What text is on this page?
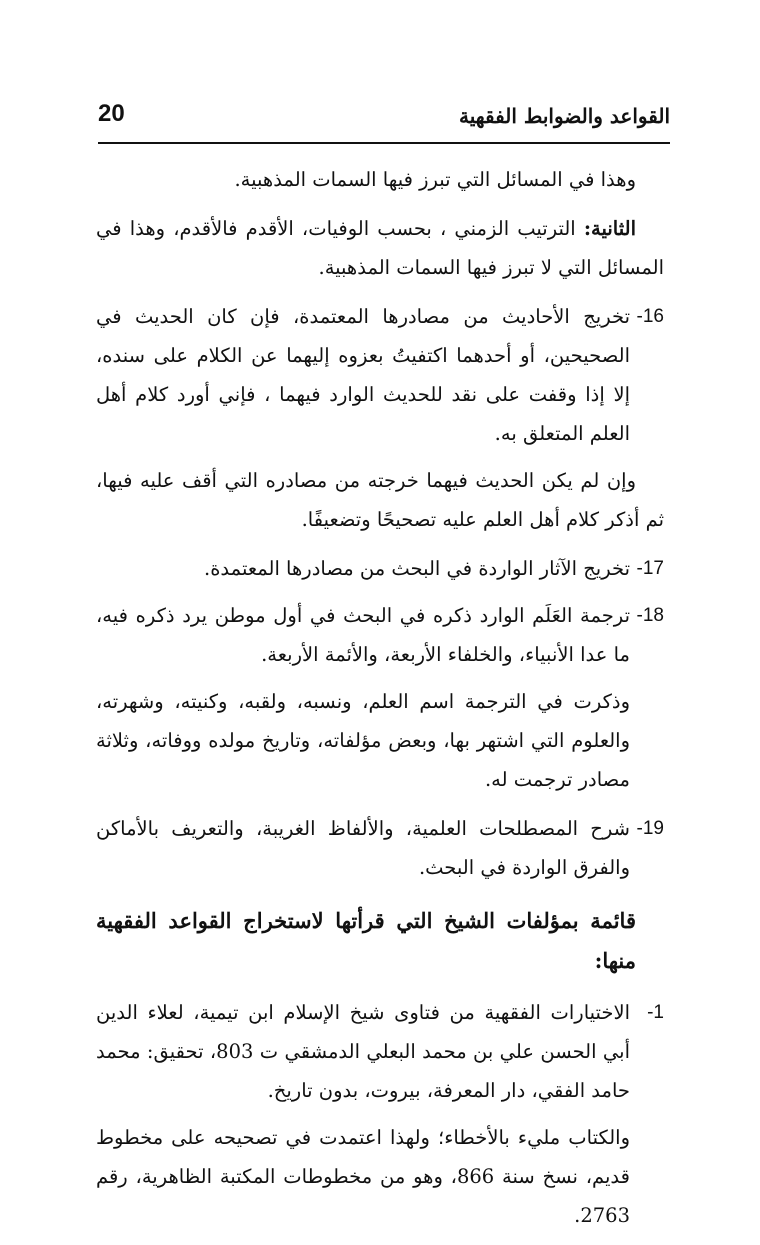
القواعد والضوابط الفقهية
20

وهذا في المسائل التي تبرز فيها السمات المذهبية.

الثانية: الترتيب الزمني ، بحسب الوفيات، الأقدم فالأقدم، وهذا في المسائل التي لا تبرز فيها السمات المذهبية.

16-
تخريج الأحاديث من مصادرها المعتمدة، فإن كان الحديث في الصحيحين، أو أحدهما اكتفيتُ بعزوه إليهما عن الكلام على سنده، إلا إذا وقفت على نقد للحديث الوارد فيهما ، فإني أورد كلام أهل العلم المتعلق به.

وإن لم يكن الحديث فيهما خرجته من مصادره التي أقف عليه فيها، ثم أذكر كلام أهل العلم عليه تصحيحًا وتضعيفًا.

17-
تخريج الآثار الواردة في البحث من مصادرها المعتمدة.
18-
ترجمة العَلَم الوارد ذكره في البحث في أول موطن يرد ذكره فيه، ما عدا الأنبياء، والخلفاء الأربعة، والأئمة الأربعة.

وذكرت في الترجمة اسم العلم، ونسبه، ولقبه، وكنيته، وشهرته، والعلوم التي اشتهر بها، وبعض مؤلفاته، وتاريخ مولده ووفاته، وثلاثة مصادر ترجمت له.

19-
شرح المصطلحات العلمية، والألفاظ الغريبة، والتعريف بالأماكن والفرق الواردة في البحث.
قائمة بمؤلفات الشيخ التي قرأتها لاستخراج القواعد الفقهية منها:
1-
الاختيارات الفقهية من فتاوى شيخ الإسلام ابن تيمية، لعلاء الدين أبي الحسن علي بن محمد البعلي الدمشقي ت 803، تحقيق: محمد حامد الفقي، دار المعرفة، بيروت، بدون تاريخ.

والكتاب مليء بالأخطاء؛ ولهذا اعتمدت في تصحيحه على مخطوط قديم، نسخ سنة 866، وهو من مخطوطات المكتبة الظاهرية، رقم 2763.
